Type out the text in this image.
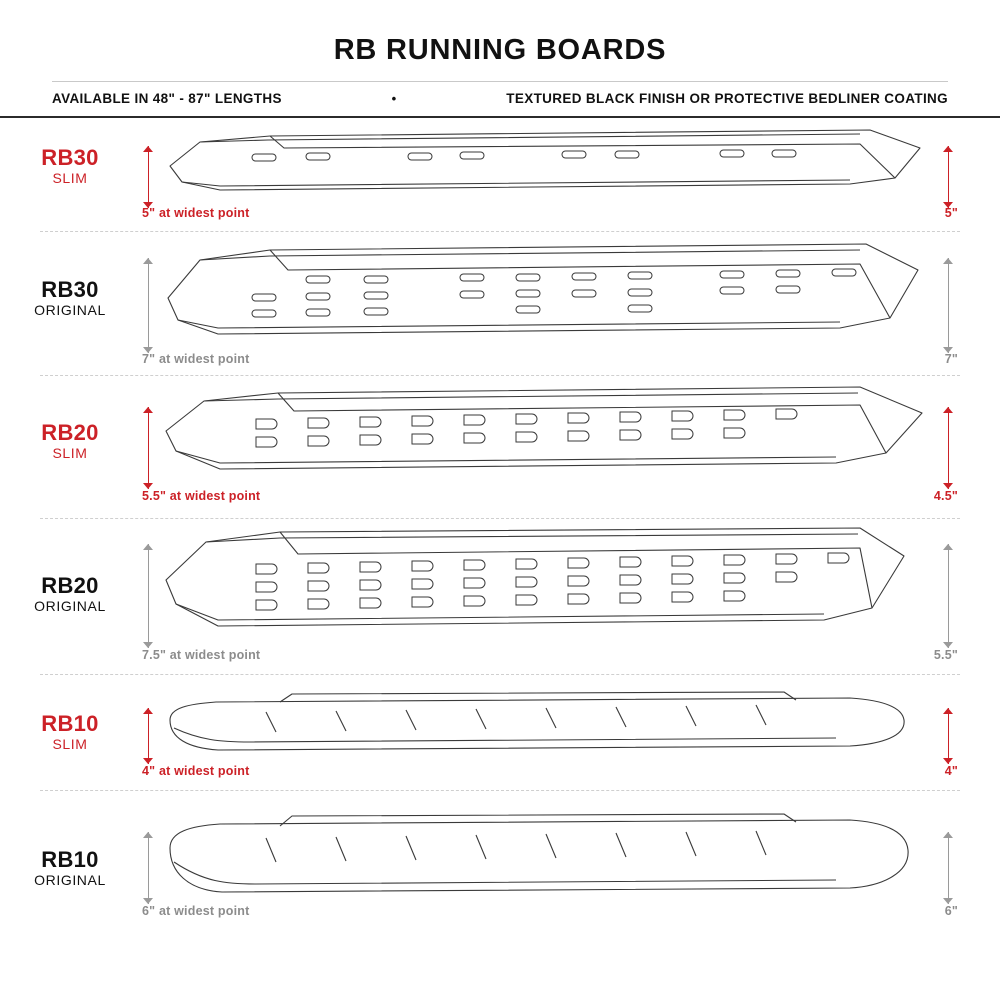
RB RUNNING BOARDS
AVAILABLE IN 48" - 87" LENGTHS	•	TEXTURED BLACK FINISH OR PROTECTIVE BEDLINER COATING
RB30
SLIM
5" at widest point	5"
RB30
ORIGINAL
7" at widest point	7"
RB20
SLIM
5.5" at widest point	4.5"
RB20
ORIGINAL
7.5" at widest point	5.5"
RB10
SLIM
4" at widest point	4"
RB10
ORIGINAL
6" at widest point	6"
